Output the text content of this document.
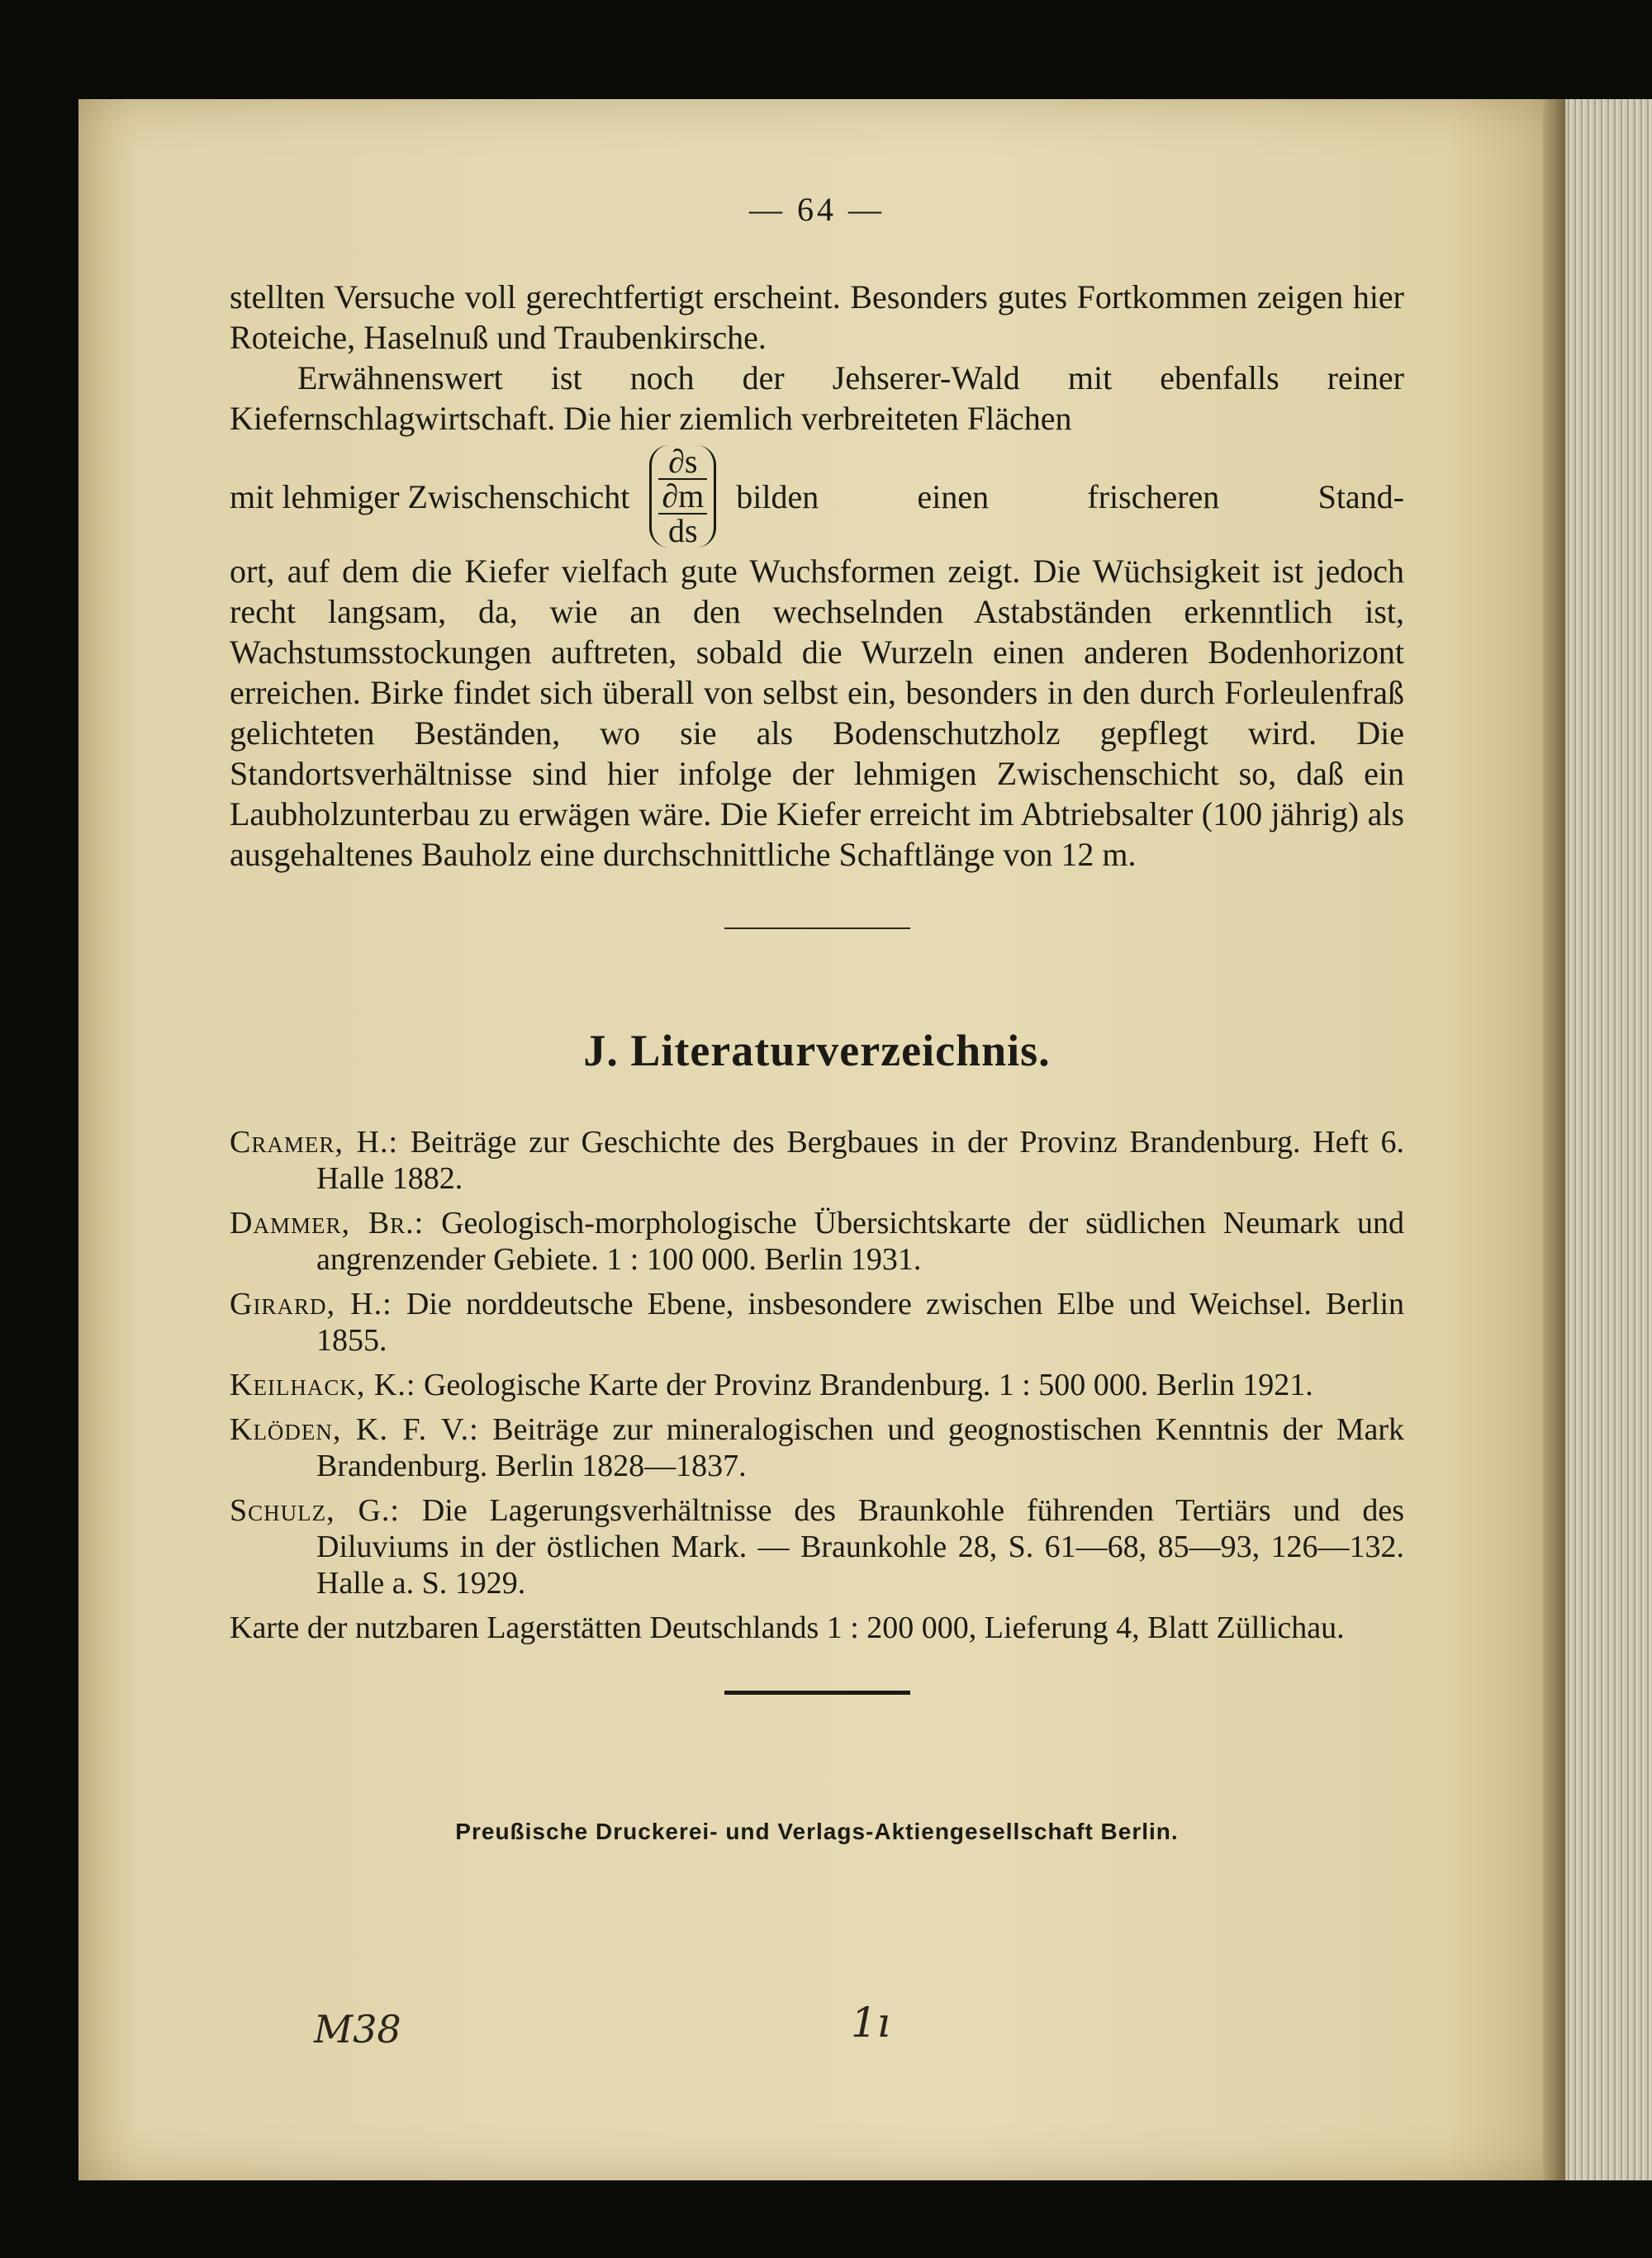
— 64 —

stellten Versuche voll gerechtfertigt erscheint. Besonders gutes Fortkommen zeigen hier Roteiche, Haselnuß und Traubenkirsche.

Erwähnenswert ist noch der Jehserer-Wald mit ebenfalls reiner Kiefernschlagwirtschaft. Die hier ziemlich verbreiteten Flächen

mit lehmiger Zwischenschicht
∂s
∂m
ds
bilden einen frischeren Stand-

ort, auf dem die Kiefer vielfach gute Wuchsformen zeigt. Die Wüchsigkeit ist jedoch recht langsam, da, wie an den wechselnden Astabständen erkenntlich ist, Wachstumsstockungen auftreten, sobald die Wurzeln einen anderen Bodenhorizont erreichen. Birke findet sich überall von selbst ein, besonders in den durch Forleulenfraß gelichteten Beständen, wo sie als Bodenschutzholz gepflegt wird. Die Standortsverhältnisse sind hier infolge der lehmigen Zwischenschicht so, daß ein Laubholzunterbau zu erwägen wäre. Die Kiefer erreicht im Abtriebsalter (100 jährig) als ausgehaltenes Bauholz eine durchschnittliche Schaftlänge von 12 m.

J. Literaturverzeichnis.

Cramer, H.: Beiträge zur Geschichte des Bergbaues in der Provinz Brandenburg. Heft 6. Halle 1882.

Dammer, Br.: Geologisch-morphologische Übersichtskarte der südlichen Neumark und angrenzender Gebiete. 1 : 100 000. Berlin 1931.

Girard, H.: Die norddeutsche Ebene, insbesondere zwischen Elbe und Weichsel. Berlin 1855.

Keilhack, K.: Geologische Karte der Provinz Brandenburg. 1 : 500 000. Berlin 1921.

Klöden, K. F. V.: Beiträge zur mineralogischen und geognostischen Kenntnis der Mark Brandenburg. Berlin 1828—1837.

Schulz, G.: Die Lagerungsverhältnisse des Braunkohle führenden Tertiärs und des Diluviums in der östlichen Mark. — Braunkohle 28, S. 61—68, 85—93, 126—132. Halle a. S. 1929.

Karte der nutzbaren Lagerstätten Deutschlands 1 : 200 000, Lieferung 4, Blatt Züllichau.

Preußische Druckerei- und Verlags-Aktiengesellschaft Berlin.
M38	1ı
